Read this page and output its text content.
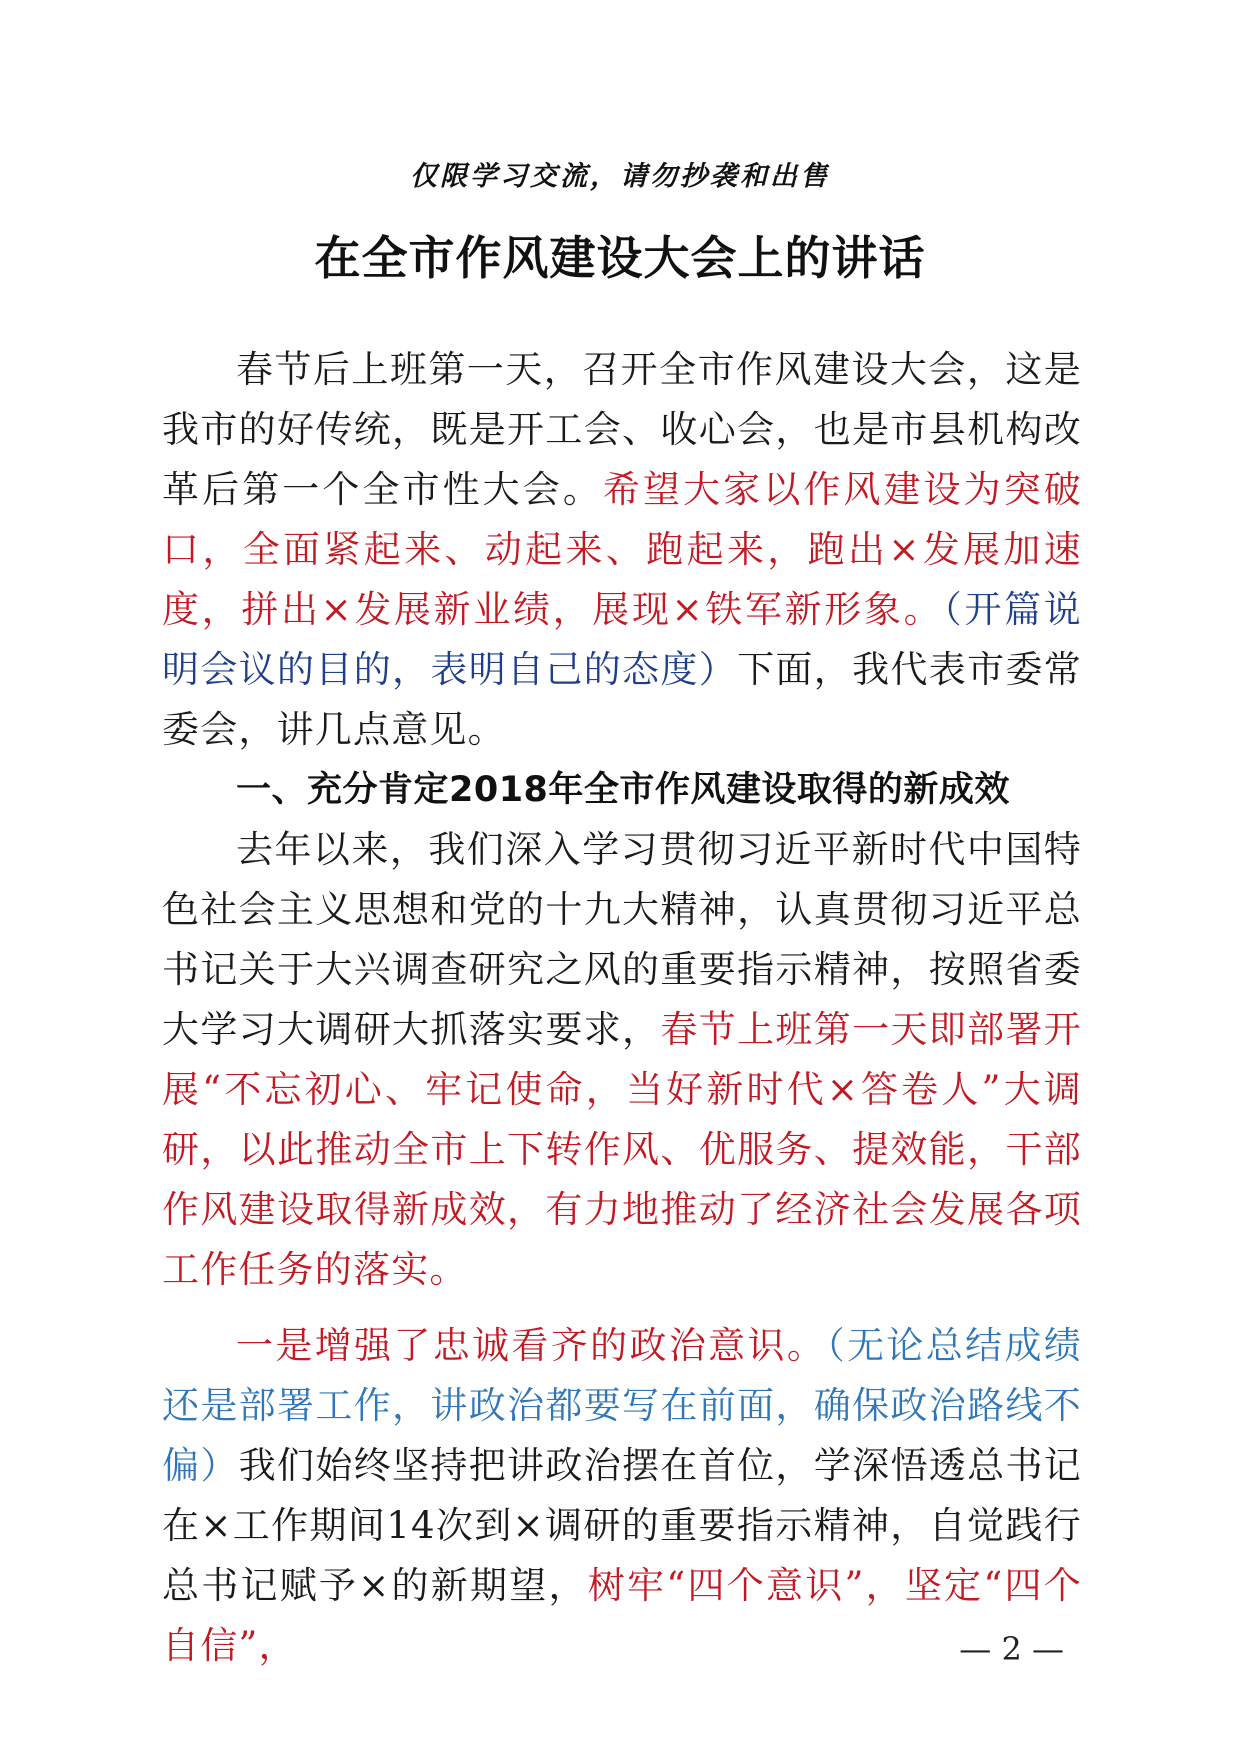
仅限学习交流，请勿抄袭和出售
在全市作风建设大会上的讲话

春节后上班第一天，召开全市作风建设大会，这是我市的好传统，既是开工会、收心会，也是市县机构改革后第一个全市性大会。希望大家以作风建设为突破口，全面紧起来、动起来、跑起来，跑出×发展加速度，拼出×发展新业绩，展现×铁军新形象。（开篇说明会议的目的，表明自己的态度）下面，我代表市委常委会，讲几点意见。

一、充分肯定2018年全市作风建设取得的新成效

去年以来，我们深入学习贯彻习近平新时代中国特色社会主义思想和党的十九大精神，认真贯彻习近平总书记关于大兴调查研究之风的重要指示精神，按照省委大学习大调研大抓落实要求，春节上班第一天即部署开展“不忘初心、牢记使命，当好新时代×答卷人”大调研，以此推动全市上下转作风、优服务、提效能，干部作风建设取得新成效，有力地推动了经济社会发展各项工作任务的落实。

一是增强了忠诚看齐的政治意识。（无论总结成绩还是部署工作，讲政治都要写在前面，确保政治路线不偏）我们始终坚持把讲政治摆在首位，学深悟透总书记在×工作期间14次到×调研的重要指示精神，自觉践行总书记赋予×的新期望，树牢“四个意识”，坚定“四个自信”，	— 2 —
